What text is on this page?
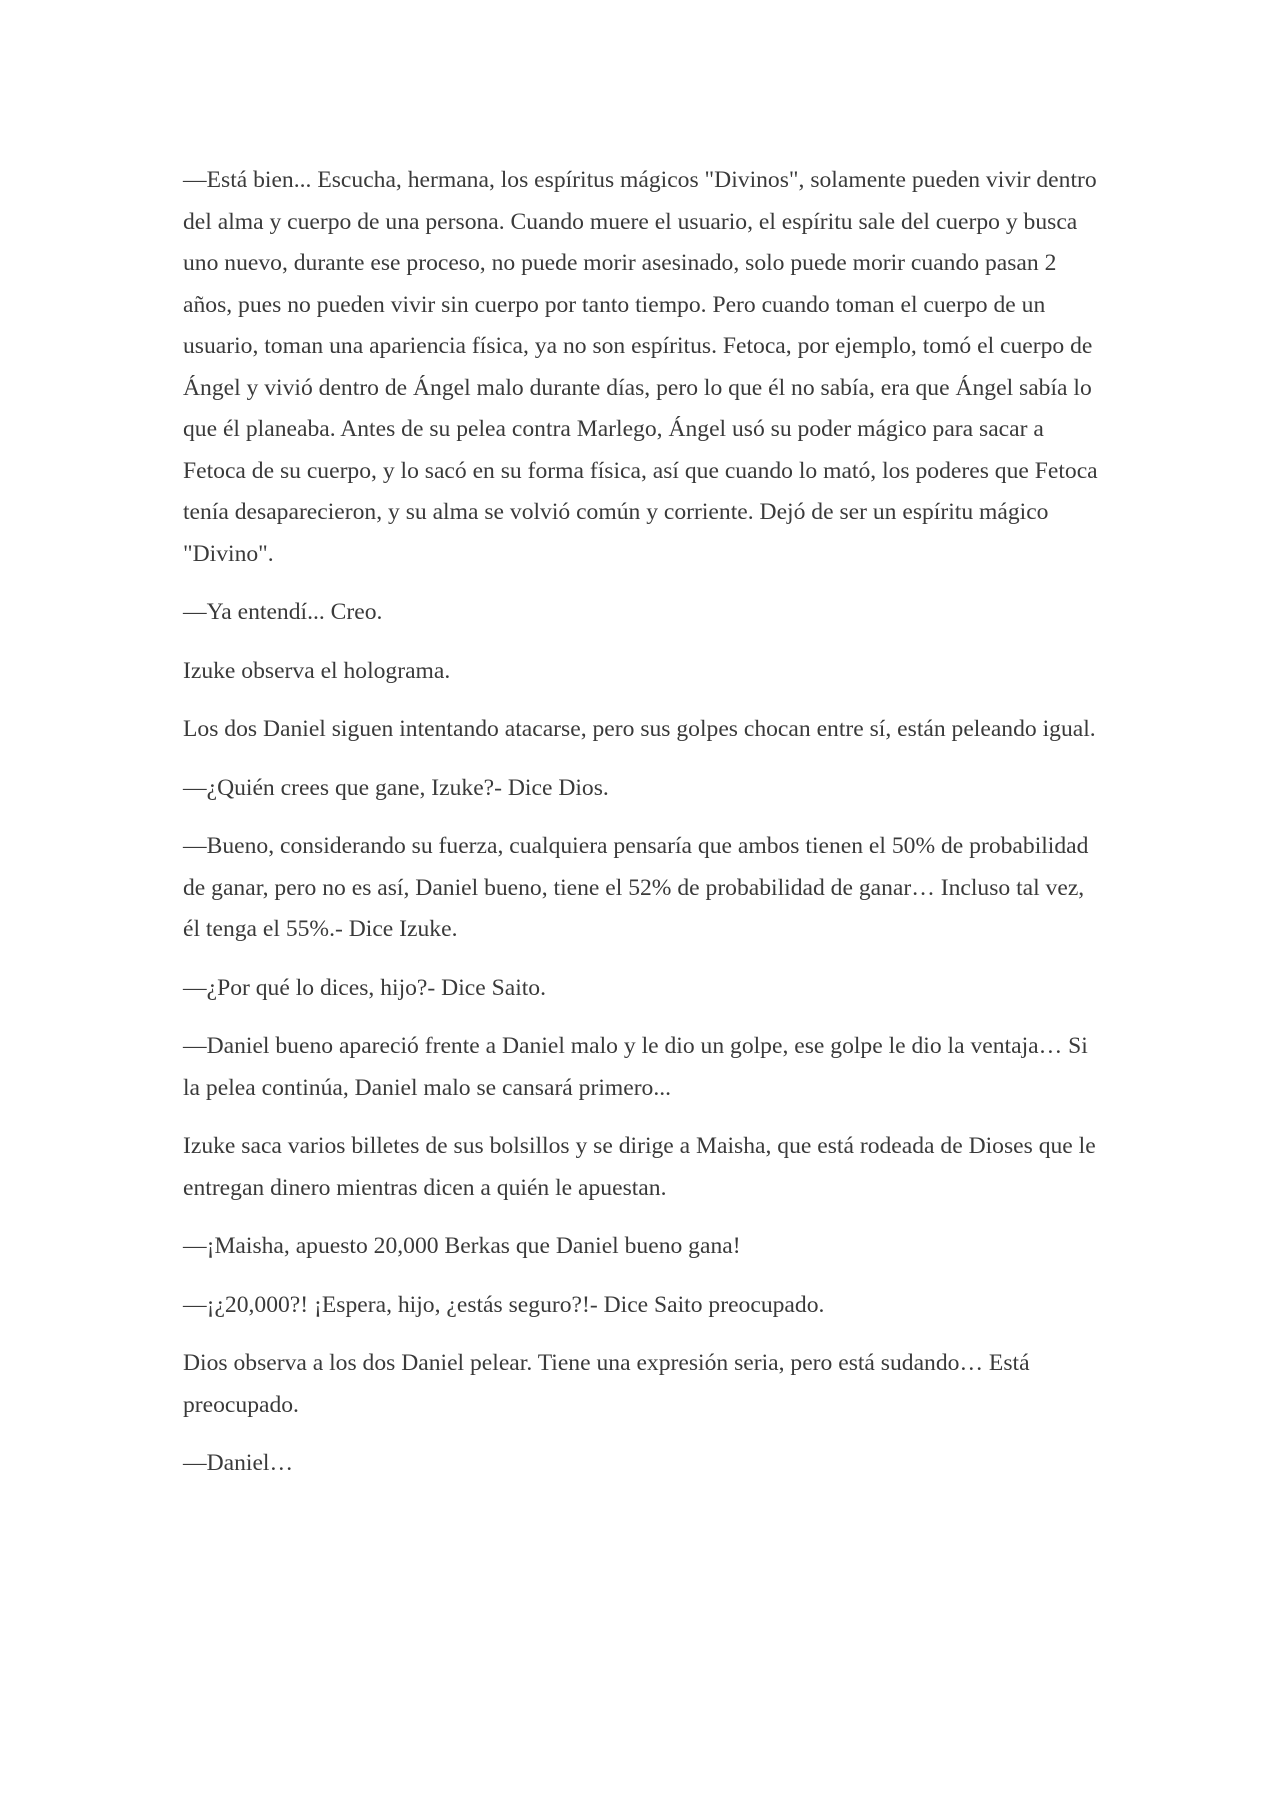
—Está bien... Escucha, hermana, los espíritus mágicos "Divinos", solamente pueden vivir dentro del alma y cuerpo de una persona. Cuando muere el usuario, el espíritu sale del cuerpo y busca uno nuevo, durante ese proceso, no puede morir asesinado, solo puede morir cuando pasan 2 años, pues no pueden vivir sin cuerpo por tanto tiempo. Pero cuando toman el cuerpo de un usuario, toman una apariencia física, ya no son espíritus. Fetoca, por ejemplo, tomó el cuerpo de Ángel y vivió dentro de Ángel malo durante días, pero lo que él no sabía, era que Ángel sabía lo que él planeaba. Antes de su pelea contra Marlego, Ángel usó su poder mágico para sacar a Fetoca de su cuerpo, y lo sacó en su forma física, así que cuando lo mató, los poderes que Fetoca tenía desaparecieron, y su alma se volvió común y corriente. Dejó de ser un espíritu mágico "Divino".

—Ya entendí... Creo.

Izuke observa el holograma.

Los dos Daniel siguen intentando atacarse, pero sus golpes chocan entre sí, están peleando igual.

—¿Quién crees que gane, Izuke?- Dice Dios.

—Bueno, considerando su fuerza, cualquiera pensaría que ambos tienen el 50% de probabilidad de ganar, pero no es así, Daniel bueno, tiene el 52% de probabilidad de ganar… Incluso tal vez, él tenga el 55%.- Dice Izuke.

—¿Por qué lo dices, hijo?- Dice Saito.

—Daniel bueno apareció frente a Daniel malo y le dio un golpe, ese golpe le dio la ventaja… Si la pelea continúa, Daniel malo se cansará primero...

Izuke saca varios billetes de sus bolsillos y se dirige a Maisha, que está rodeada de Dioses que le entregan dinero mientras dicen a quién le apuestan.

—¡Maisha, apuesto 20,000 Berkas que Daniel bueno gana!

—¡¿20,000?! ¡Espera, hijo, ¿estás seguro?!- Dice Saito preocupado.

Dios observa a los dos Daniel pelear. Tiene una expresión seria, pero está sudando… Está preocupado.

—Daniel…
